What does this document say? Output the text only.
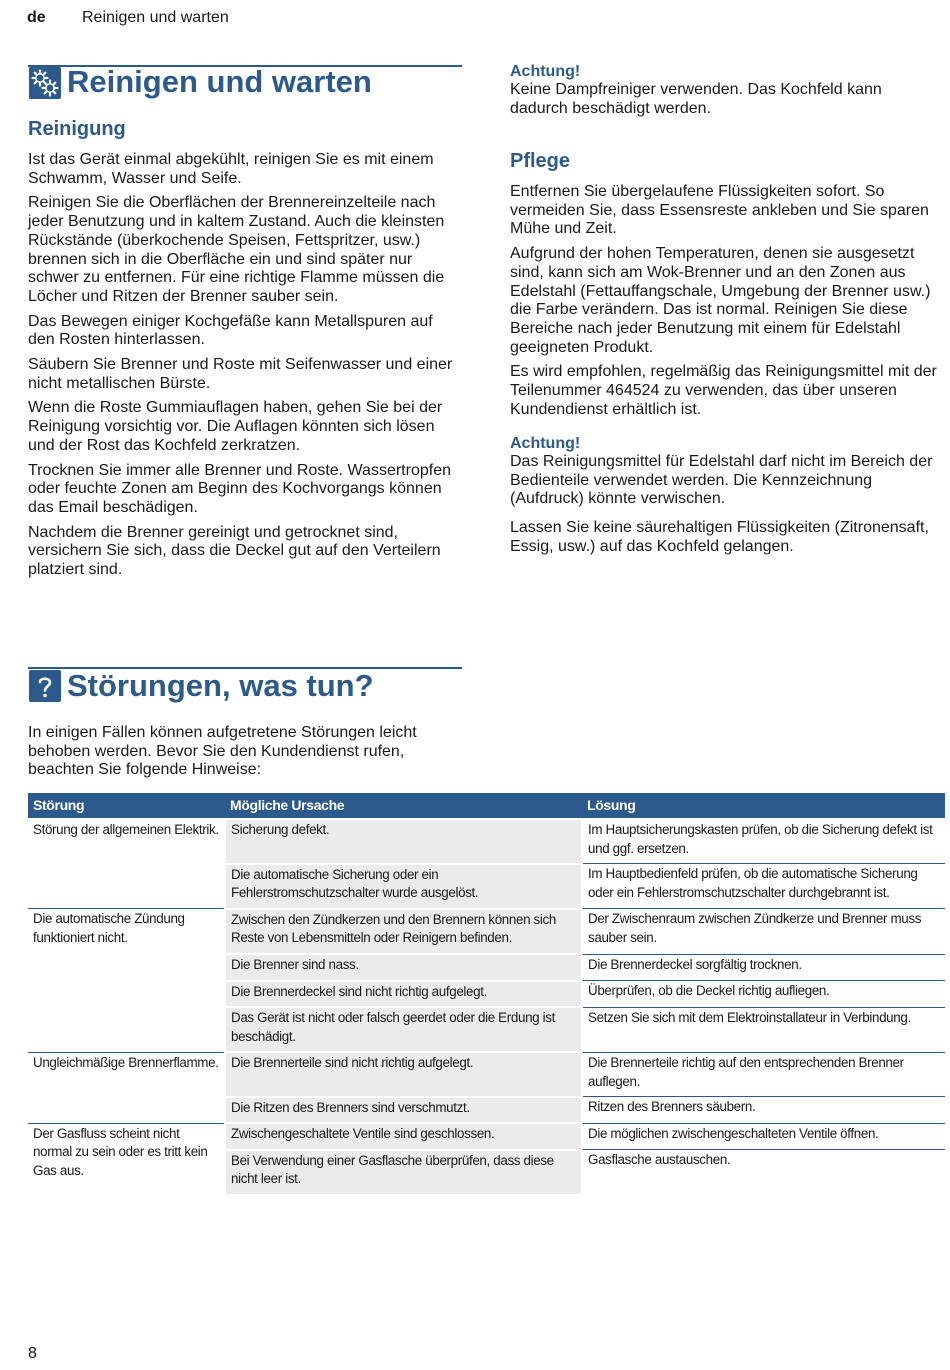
de Reinigen und warten
Reinigen und warten
Reinigung

Ist das Gerät einmal abgekühlt, reinigen Sie es mit einem Schwamm, Wasser und Seife.

Reinigen Sie die Oberflächen der Brennereinzelteile nach jeder Benutzung und in kaltem Zustand. Auch die kleinsten Rückstände (überkochende Speisen, Fettspritzer, usw.) brennen sich in die Oberfläche ein und sind später nur schwer zu entfernen. Für eine richtige Flamme müssen die Löcher und Ritzen der Brenner sauber sein.

Das Bewegen einiger Kochgefäße kann Metallspuren auf den Rosten hinterlassen.

Säubern Sie Brenner und Roste mit Seifenwasser und einer nicht metallischen Bürste.

Wenn die Roste Gummiauflagen haben, gehen Sie bei der Reinigung vorsichtig vor. Die Auflagen könnten sich lösen und der Rost das Kochfeld zerkratzen.

Trocknen Sie immer alle Brenner und Roste. Wassertropfen oder feuchte Zonen am Beginn des Kochvorgangs können das Email beschädigen.

Nachdem die Brenner gereinigt und getrocknet sind, versichern Sie sich, dass die Deckel gut auf den Verteilern platziert sind.

Achtung!

Keine Dampfreiniger verwenden. Das Kochfeld kann dadurch beschädigt werden.

Pflege

Entfernen Sie übergelaufene Flüssigkeiten sofort. So vermeiden Sie, dass Essensreste ankleben und Sie sparen Mühe und Zeit.

Aufgrund der hohen Temperaturen, denen sie ausgesetzt sind, kann sich am Wok-Brenner und an den Zonen aus Edelstahl (Fettauffangschale, Umgebung der Brenner usw.) die Farbe verändern. Das ist normal. Reinigen Sie diese Bereiche nach jeder Benutzung mit einem für Edelstahl geeigneten Produkt.

Es wird empfohlen, regelmäßig das Reinigungsmittel mit der Teilenummer 464524 zu verwenden, das über unseren Kundendienst erhältlich ist.

Achtung!

Das Reinigungsmittel für Edelstahl darf nicht im Bereich der Bedienteile verwendet werden. Die Kennzeichnung (Aufdruck) könnte verwischen.

Lassen Sie keine säurehaltigen Flüssigkeiten (Zitronensaft, Essig, usw.) auf das Kochfeld gelangen.

Störungen, was tun?

In einigen Fällen können aufgetretene Störungen leicht behoben werden. Bevor Sie den Kundendienst rufen, beachten Sie folgende Hinweise:

Störung	Mögliche Ursache	Lösung
Störung der allgemeinen Elektrik.	Sicherung defekt.	Im Hauptsicherungskasten prüfen, ob die Sicherung defekt ist und ggf. ersetzen.
	Die automatische Sicherung oder ein Fehlerstromschutzschalter wurde ausgelöst.	Im Hauptbedienfeld prüfen, ob die automatische Sicherung oder ein Fehlerstromschutzschalter durchgebrannt ist.
Die automatische Zündung funktioniert nicht.	Zwischen den Zündkerzen und den Brennern können sich Reste von Lebensmitteln oder Reinigern befinden.	Der Zwischenraum zwischen Zündkerze und Brenner muss sauber sein.
	Die Brenner sind nass.	Die Brennerdeckel sorgfältig trocknen.
	Die Brennerdeckel sind nicht richtig aufgelegt.	Überprüfen, ob die Deckel richtig aufliegen.
	Das Gerät ist nicht oder falsch geerdet oder die Erdung ist beschädigt.	Setzen Sie sich mit dem Elektroinstallateur in Verbindung.
Ungleichmäßige Brennerflamme.	Die Brennerteile sind nicht richtig aufgelegt.	Die Brennerteile richtig auf den entsprechenden Brenner auflegen.
	Die Ritzen des Brenners sind verschmutzt.	Ritzen des Brenners säubern.
Der Gasfluss scheint nicht normal zu sein oder es tritt kein Gas aus.	Zwischengeschaltete Ventile sind geschlossen.	Die möglichen zwischengeschalteten Ventile öffnen.
	Bei Verwendung einer Gasflasche überprüfen, dass diese nicht leer ist.	Gasflasche austauschen.
8
